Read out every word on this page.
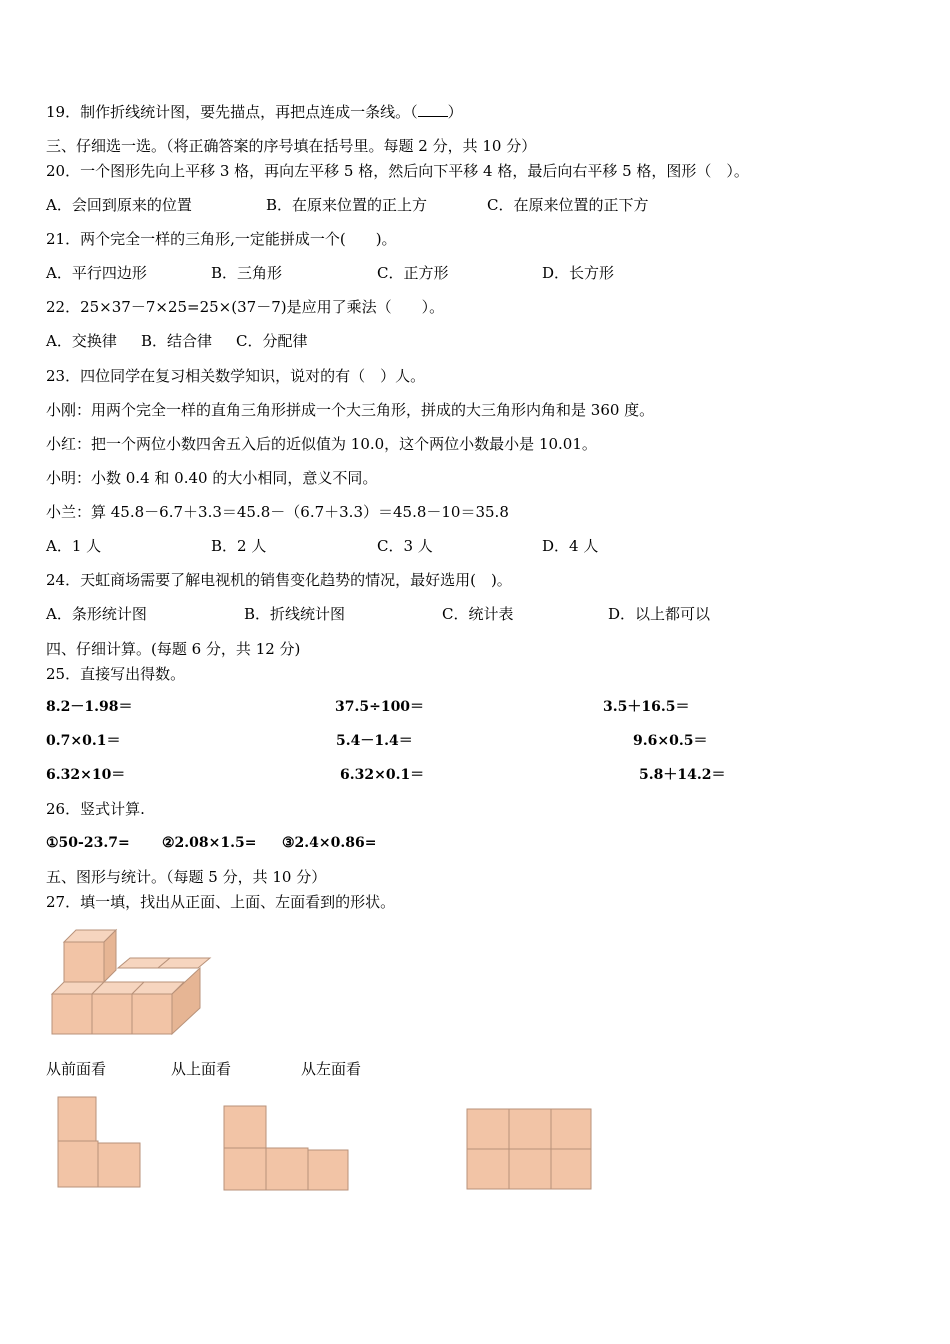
19．制作折线统计图，要先描点，再把点连成一条线。（ ）
三、仔细选一选。（将正确答案的序号填在括号里。每题 2 分，共 10 分）
20．一个图形先向上平移 3 格，再向左平移 5 格，然后向下平移 4 格，最后向右平移 5 格，图形（　）。
A．会回到原来的位置	B．在原来位置的正上方	C．在原来位置的正下方
21．两个完全一样的三角形,一定能拼成一个(　　)。
A．平行四边形	B．三角形	C．正方形	D．长方形
22．25×37－7×25=25×(37－7)是应用了乘法（　　）。
A．交换律 B．结合律 C．分配律
23．四位同学在复习相关数学知识，说对的有（　）人。
小刚：用两个完全一样的直角三角形拼成一个大三角形，拼成的大三角形内角和是 360 度。
小红：把一个两位小数四舍五入后的近似值为 10.0，这个两位小数最小是 10.01。
小明：小数 0.4 和 0.40 的大小相同，意义不同。
小兰：算 45.8－6.7＋3.3＝45.8－（6.7＋3.3）＝45.8－10＝35.8
A．1 人	B．2 人	C．3 人	D．4 人
24．天虹商场需要了解电视机的销售变化趋势的情况，最好选用(　)。
A．条形统计图	B．折线统计图	C．统计表	D．以上都可以
四、仔细计算。(每题 6 分，共 12 分)
25．直接写出得数。
8.2－1.98＝	37.5÷100＝	3.5＋16.5＝
0.7×0.1＝	5.4－1.4＝	9.6×0.5＝
6.32×10＝	6.32×0.1＝	5.8＋14.2＝
26．竖式计算.
①50-23.7= ②2.08×1.5= ③2.4×0.86=
五、图形与统计。（每题 5 分，共 10 分）
27．填一填，找出从正面、上面、左面看到的形状。
从前面看	从上面看	从左面看
